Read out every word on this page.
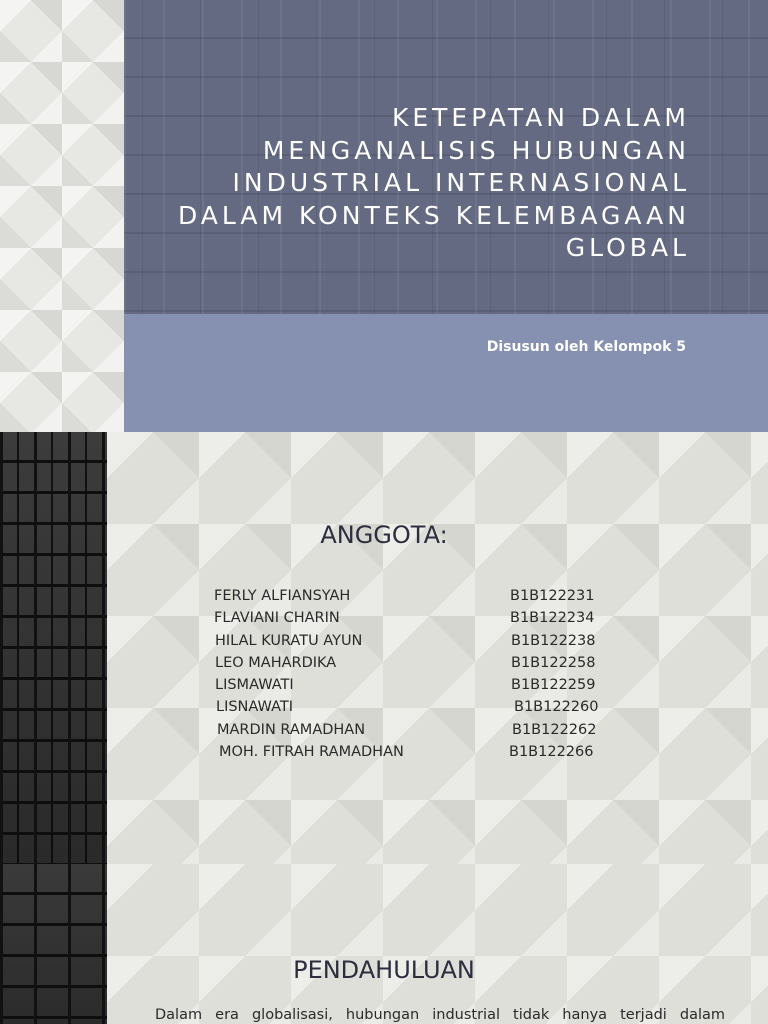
KETEPATAN DALAM
MENGANALISIS HUBUNGAN
INDUSTRIAL INTERNASIONAL
DALAM KONTEKS KELEMBAGAAN
GLOBAL

Disusun oleh Kelompok 5

ANGGOTA:
FERLY ALFIANSYAH	B1B122231
FLAVIANI CHARIN	B1B122234
HILAL KURATU AYUN	B1B122238
LEO MAHARDIKA	B1B122258
LISMAWATI	B1B122259
LISNAWATI	B1B122260
MARDIN RAMADHAN	B1B122262
MOH. FITRAH RAMADHAN	B1B122266
PENDAHULUAN

Dalam era globalisasi, hubungan industrial tidak hanya terjadi dalam
